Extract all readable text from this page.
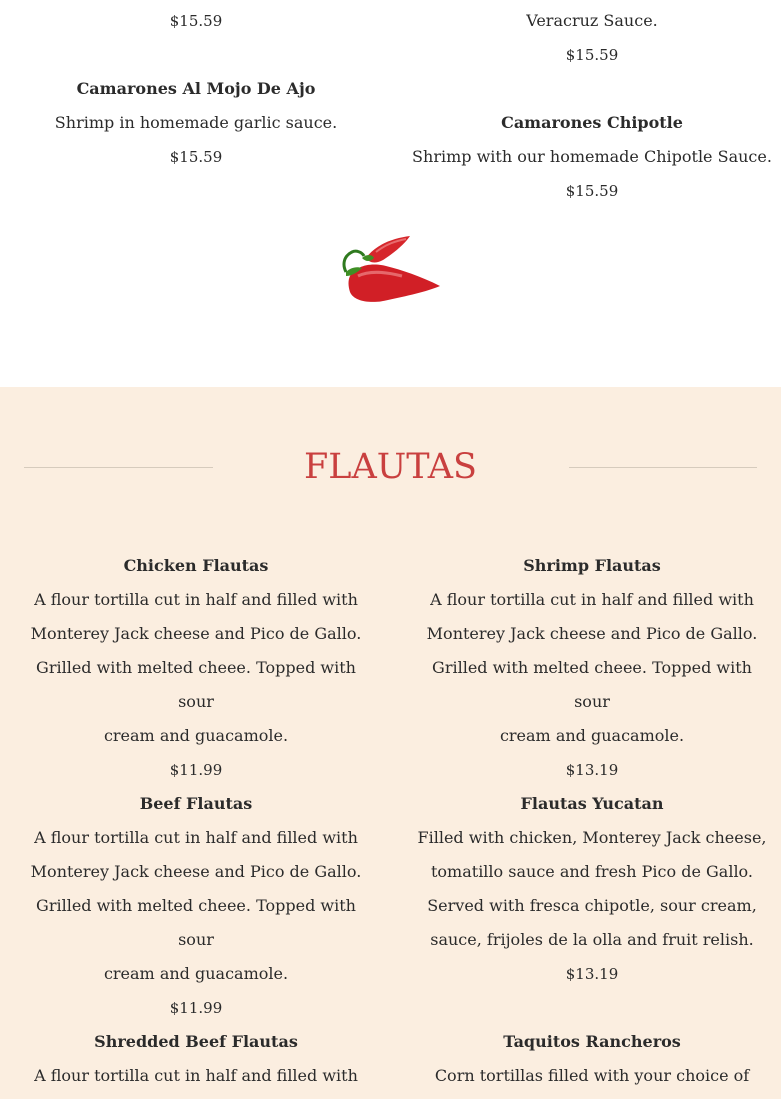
$15.59
Camarones Al Mojo De Ajo
Shrimp in homemade garlic sauce.
$15.59
Veracruz Sauce.
$15.59
Camarones Chipotle
Shrimp with our homemade Chipotle Sauce.
$15.59
FLAUTAS
Chicken Flautas
A flour tortilla cut in half and filled with
Monterey Jack cheese and Pico de Gallo.
Grilled with melted cheee. Topped with sour
cream and guacamole.
$11.99
Shrimp Flautas
A flour tortilla cut in half and filled with
Monterey Jack cheese and Pico de Gallo.
Grilled with melted cheee. Topped with sour
cream and guacamole.
$13.19
Beef Flautas
A flour tortilla cut in half and filled with
Monterey Jack cheese and Pico de Gallo.
Grilled with melted cheee. Topped with sour
cream and guacamole.
$11.99
Flautas Yucatan
Filled with chicken, Monterey Jack cheese,
tomatillo sauce and fresh Pico de Gallo.
Served with fresca chipotle, sour cream,
sauce, frijoles de la olla and fruit relish.
$13.19
Shredded Beef Flautas
A flour tortilla cut in half and filled with
Taquitos Rancheros
Corn tortillas filled with your choice of
